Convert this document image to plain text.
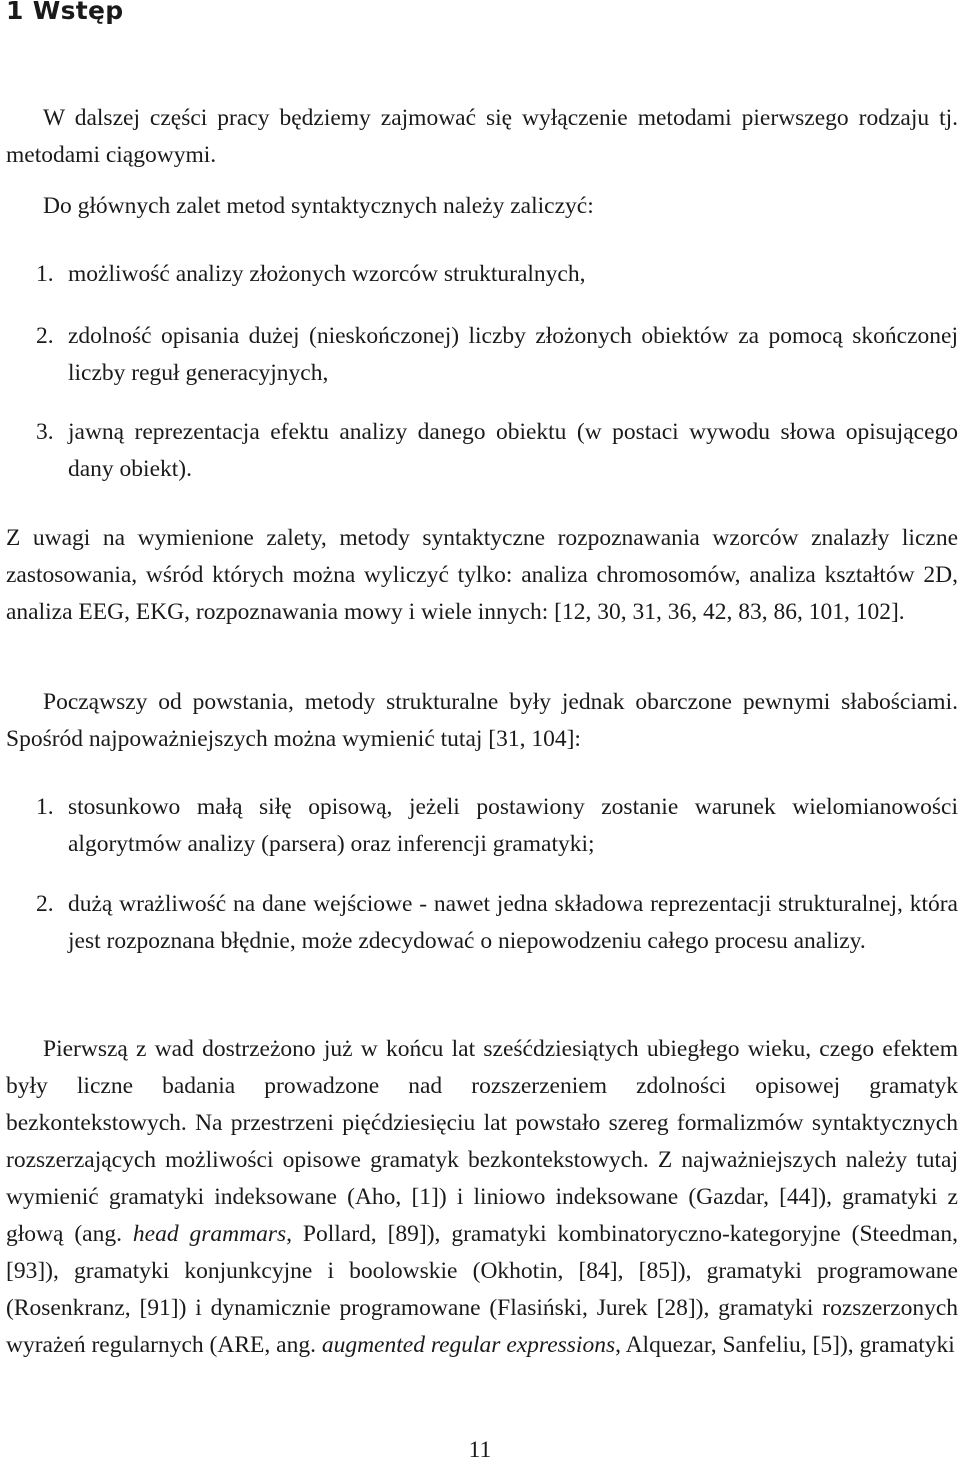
1 Wstęp
W dalszej części pracy będziemy zajmować się wyłączenie metodami pierwszego rodzaju tj. metodami ciągowymi.
Do głównych zalet metod syntaktycznych należy zaliczyć:
1. możliwość analizy złożonych wzorców strukturalnych,
2. zdolność opisania dużej (nieskończonej) liczby złożonych obiektów za pomocą skończonej liczby reguł generacyjnych,
3. jawną reprezentacja efektu analizy danego obiektu (w postaci wywodu słowa opisującego dany obiekt).
Z uwagi na wymienione zalety, metody syntaktyczne rozpoznawania wzorców znalazły liczne zastosowania, wśród których można wyliczyć tylko: analiza chromosomów, analiza kształtów 2D, analiza EEG, EKG, rozpoznawania mowy i wiele innych: [12, 30, 31, 36, 42, 83, 86, 101, 102].
Począwszy od powstania, metody strukturalne były jednak obarczone pewnymi słabościami. Spośród najpoważniejszych można wymienić tutaj [31, 104]:
1. stosunkowo małą siłę opisową, jeżeli postawiony zostanie warunek wielomianowości algorytmów analizy (parsera) oraz inferencji gramatyki;
2. dużą wrażliwość na dane wejściowe - nawet jedna składowa reprezentacji strukturalnej, która jest rozpoznana błędnie, może zdecydować o niepowodzeniu całego procesu analizy.
Pierwszą z wad dostrzeżono już w końcu lat sześćdziesiątych ubiegłego wieku, czego efektem były liczne badania prowadzone nad rozszerzeniem zdolności opisowej gramatyk bezkontekstowych. Na przestrzeni pięćdziesięciu lat powstało szereg formalizmów syntaktycznych rozszerzających możliwości opisowe gramatyk bezkontekstowych. Z najważniejszych należy tutaj wymienić gramatyki indeksowane (Aho, [1]) i liniowo indeksowane (Gazdar, [44]), gramatyki z głową (ang. head grammars, Pollard, [89]), gramatyki kombinatoryczno-kategoryjne (Steedman, [93]), gramatyki konjunkcyjne i boolowskie (Okhotin, [84], [85]), gramatyki programowane (Rosenkranz, [91]) i dynamicznie programowane (Flasiński, Jurek [28]), gramatyki rozszerzonych wyrażeń regularnych (ARE, ang. augmented regular expressions, Alquezar, Sanfeliu, [5]), gramatyki
11
